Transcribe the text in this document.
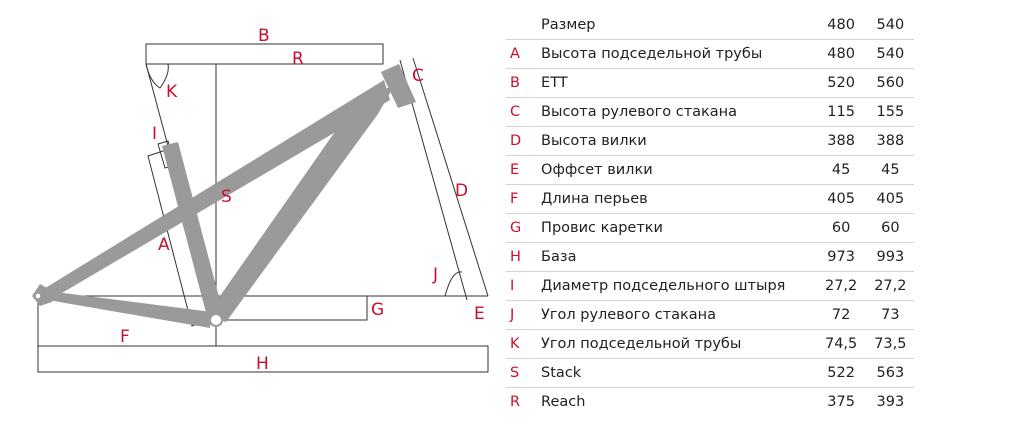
B
R
C
K
I
S
A
D
J
G	E
F
H
	Размер	480	540
A	Высота подседельной трубы	480	540
B	ETT	520	560
C	Высота рулевого стакана	115	155
D	Высота вилки	388	388
E	Оффсет вилки	45	45
F	Длина перьев	405	405
G	Провис каретки	60	60
H	База	973	993
I	Диаметр подседельного штыря	27,2	27,2
J	Угол рулевого стакана	72	73
K	Угол подседельной трубы	74,5	73,5
S	Stack	522	563
R	Reach	375	393
